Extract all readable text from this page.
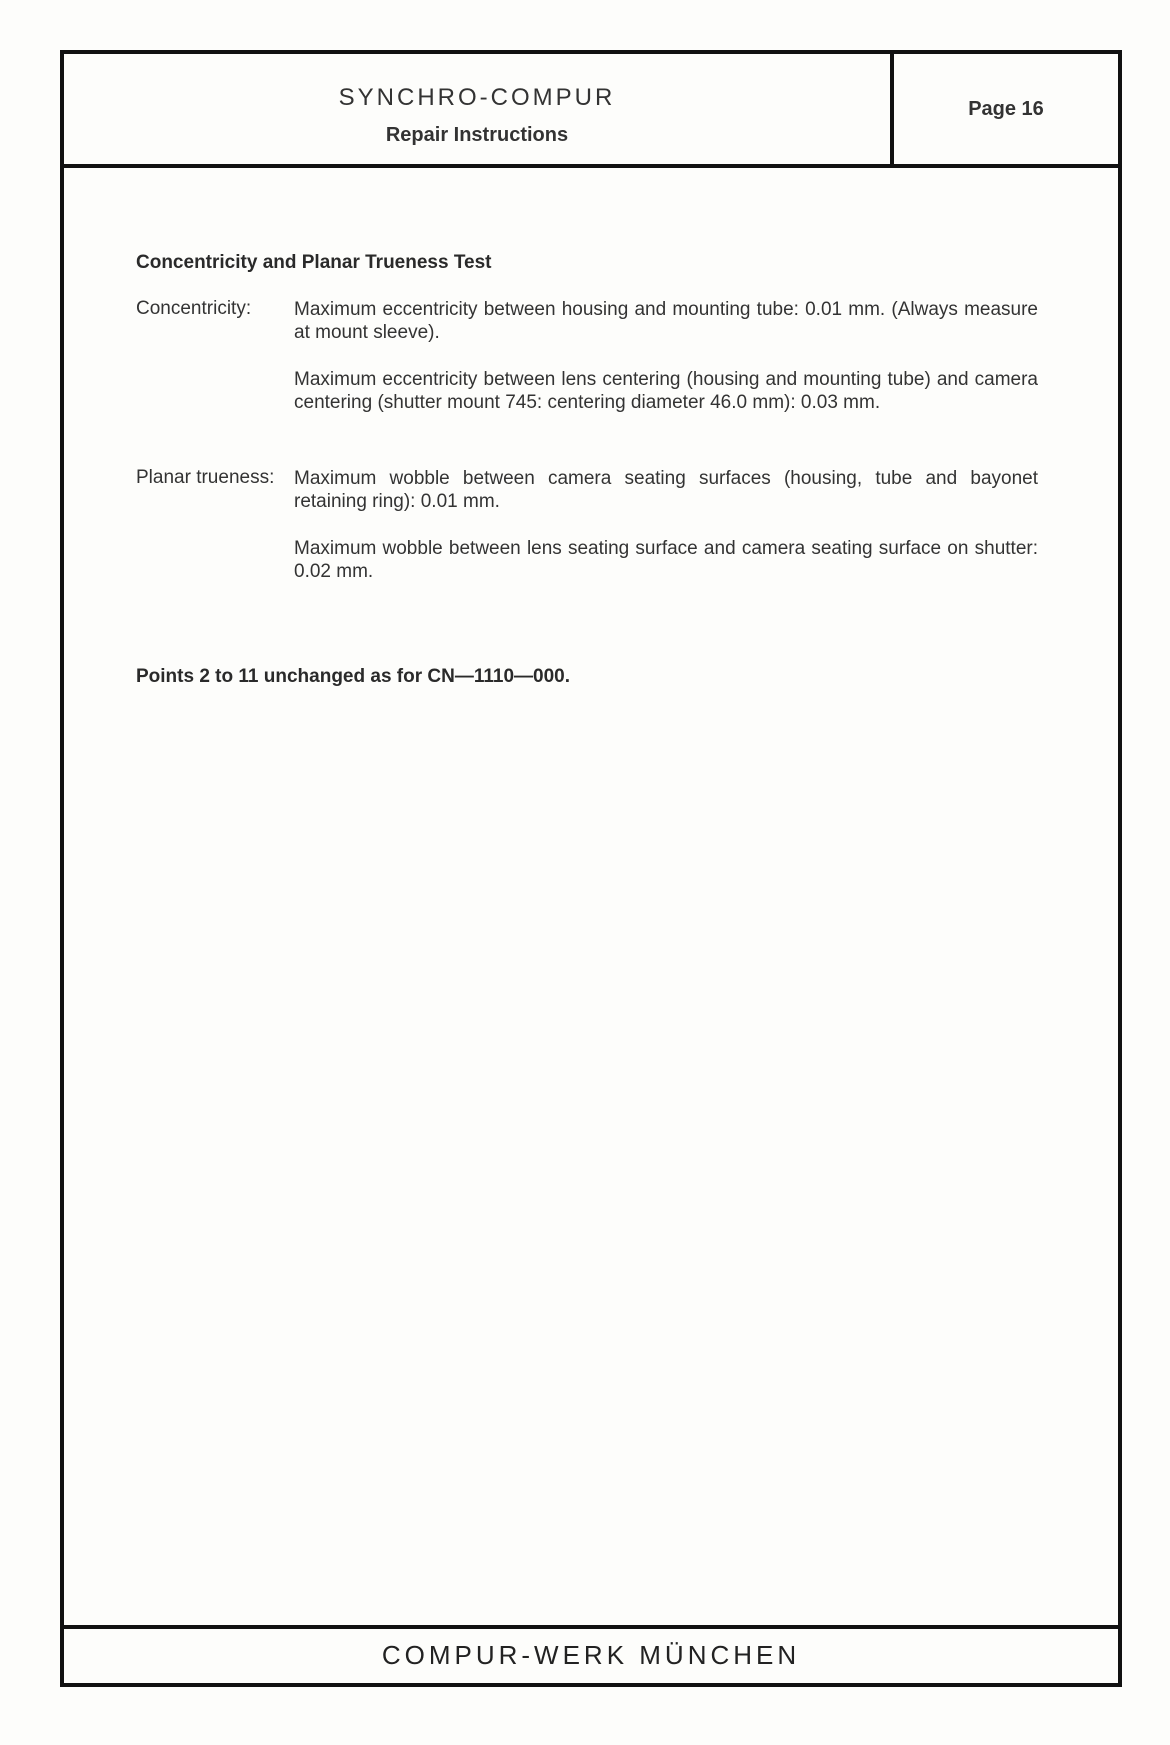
SYNCHRO-COMPUR
Repair Instructions
Page 16
Concentricity and Planar Trueness Test
Concentricity: Maximum eccentricity between housing and mounting tube: 0.01 mm. (Always measure at mount sleeve).
Maximum eccentricity between lens centering (housing and mounting tube) and camera centering (shutter mount 745: centering diameter 46.0 mm): 0.03 mm.
Planar trueness: Maximum wobble between camera seating surfaces (housing, tube and bayonet retaining ring): 0.01 mm.
Maximum wobble between lens seating surface and camera seating surface on shutter: 0.02 mm.
Points 2 to 11 unchanged as for CN—1110—000.
COMPUR-WERK MÜNCHEN
